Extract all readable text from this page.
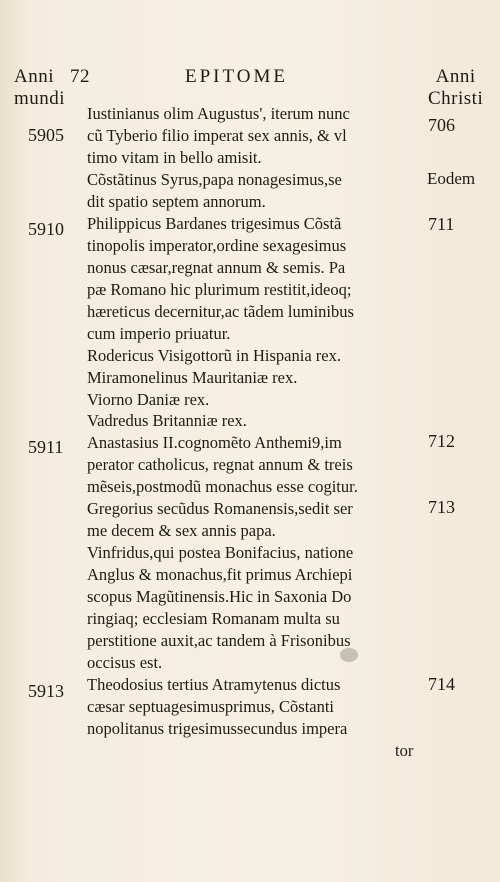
Anni
mundi
72	EPITOME	Anni
Christi
5905
5910
5911
5913
706
711
712
713
714
Eodem
Iustinianus olim Augustus', iterum nunc
cũ Tyberio filio imperat sex annis, & vl
timo vitam in bello amisit.
Cõstãtinus Syrus,papa nonagesimus,se
dit spatio septem annorum.
Philippicus Bardanes trigesimus Cõstã
tinopolis imperator,ordine sexagesimus
nonus cæsar,regnat annum & semis. Pa
pæ Romano hic plurimum restitit,ideoq;
hæreticus decernitur,ac tãdem luminibus
cum imperio priuatur.
Rodericus Visigottorũ in Hispania rex.
Miramonelinus Mauritaniæ rex.
Viorno Daniæ rex.
Vadredus Britanniæ rex.
Anastasius II.cognomẽto Anthemi9,im
perator catholicus, regnat annum & treis
mẽseis,postmodũ monachus esse cogitur.
Gregorius secũdus Romanensis,sedit ser
me decem & sex annis papa.
Vinfridus,qui postea Bonifacius, natione
Anglus & monachus,fit primus Archiepi
scopus Magũtinensis.Hic in Saxonia Do
ringiaq; ecclesiam Romanam multa su
perstitione auxit,ac tandem à Frisonibus
occisus est.
Theodosius tertius Atramytenus dictus
cæsar septuagesimusprimus, Cõstanti
nopolitanus trigesimussecundus impera
tor
